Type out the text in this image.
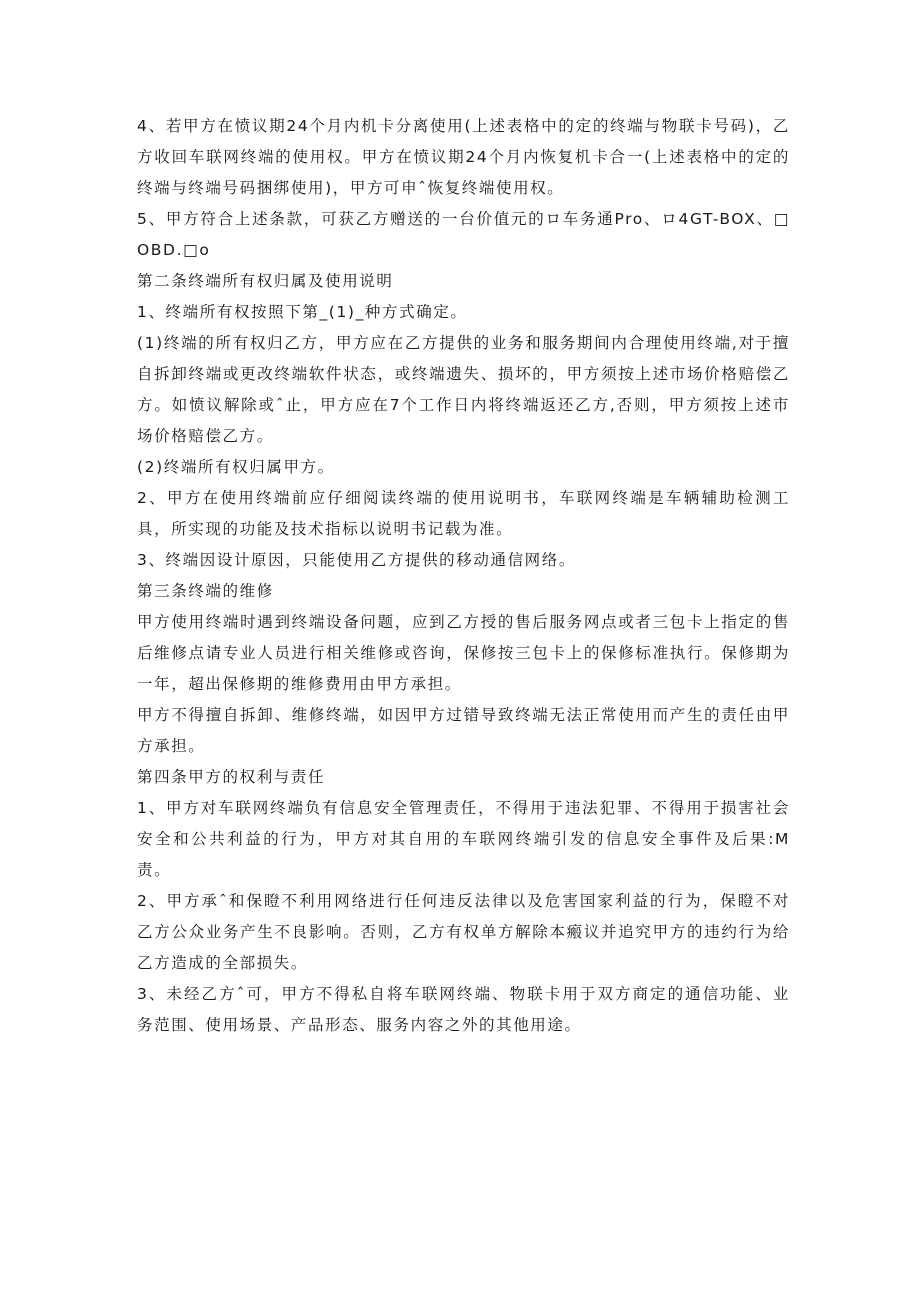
4、若甲方在愤议期24个月内机卡分离使用(上述表格中的定的终端与物联卡号码)，乙方收回车联网终端的使用权。甲方在愤议期24个月内恢复机卡合一(上述表格中的定的终端与终端号码捆绑使用)，甲方可申ˆ恢复终端使用权。

5、甲方符合上述条款，可获乙方赠送的一台价值元的ロ车务通Pro、ロ4GT-BOX、□OBD.□o

第二条终端所有权归属及使用说明

1、终端所有权按照下第_(1)_种方式确定。

(1)终端的所有权归乙方，甲方应在乙方提供的业务和服务期间内合理使用终端,对于擅自拆卸终端或更改终端软件状态，或终端遗失、损坏的，甲方须按上述市场价格赔偿乙方。如愤议解除或ˆ止，甲方应在7个工作日内将终端返还乙方,否则，甲方须按上述市场价格赔偿乙方。

(2)终端所有权归属甲方。

2、甲方在使用终端前应仔细阅读终端的使用说明书，车联网终端是车辆辅助检测工具，所实现的功能及技术指标以说明书记载为准。

3、终端因设计原因，只能使用乙方提供的移动通信网络。

第三条终端的维修

甲方使用终端时遇到终端设备问题，应到乙方授的售后服务网点或者三包卡上指定的售后维修点请专业人员进行相关维修或咨询，保修按三包卡上的保修标准执行。保修期为一年，超出保修期的维修费用由甲方承担。

甲方不得擅自拆卸、维修终端，如因甲方过错导致终端无法正常使用而产生的责任由甲方承担。

第四条甲方的权利与责任

1、甲方对车联网终端负有信息安全管理责任，不得用于违法犯罪、不得用于损害社会安全和公共利益的行为，甲方对其自用的车联网终端引发的信息安全事件及后果:M责。

2、甲方承ˆ和保瞪不利用网络进行任何违反法律以及危害国家利益的行为，保瞪不对乙方公众业务产生不良影响。否则，乙方有权单方解除本瘢议并追究甲方的违约行为给乙方造成的全部损失。

3、未经乙方ˆ可，甲方不得私自将车联网终端、物联卡用于双方商定的通信功能、业务范围、使用场景、产品形态、服务内容之外的其他用途。
